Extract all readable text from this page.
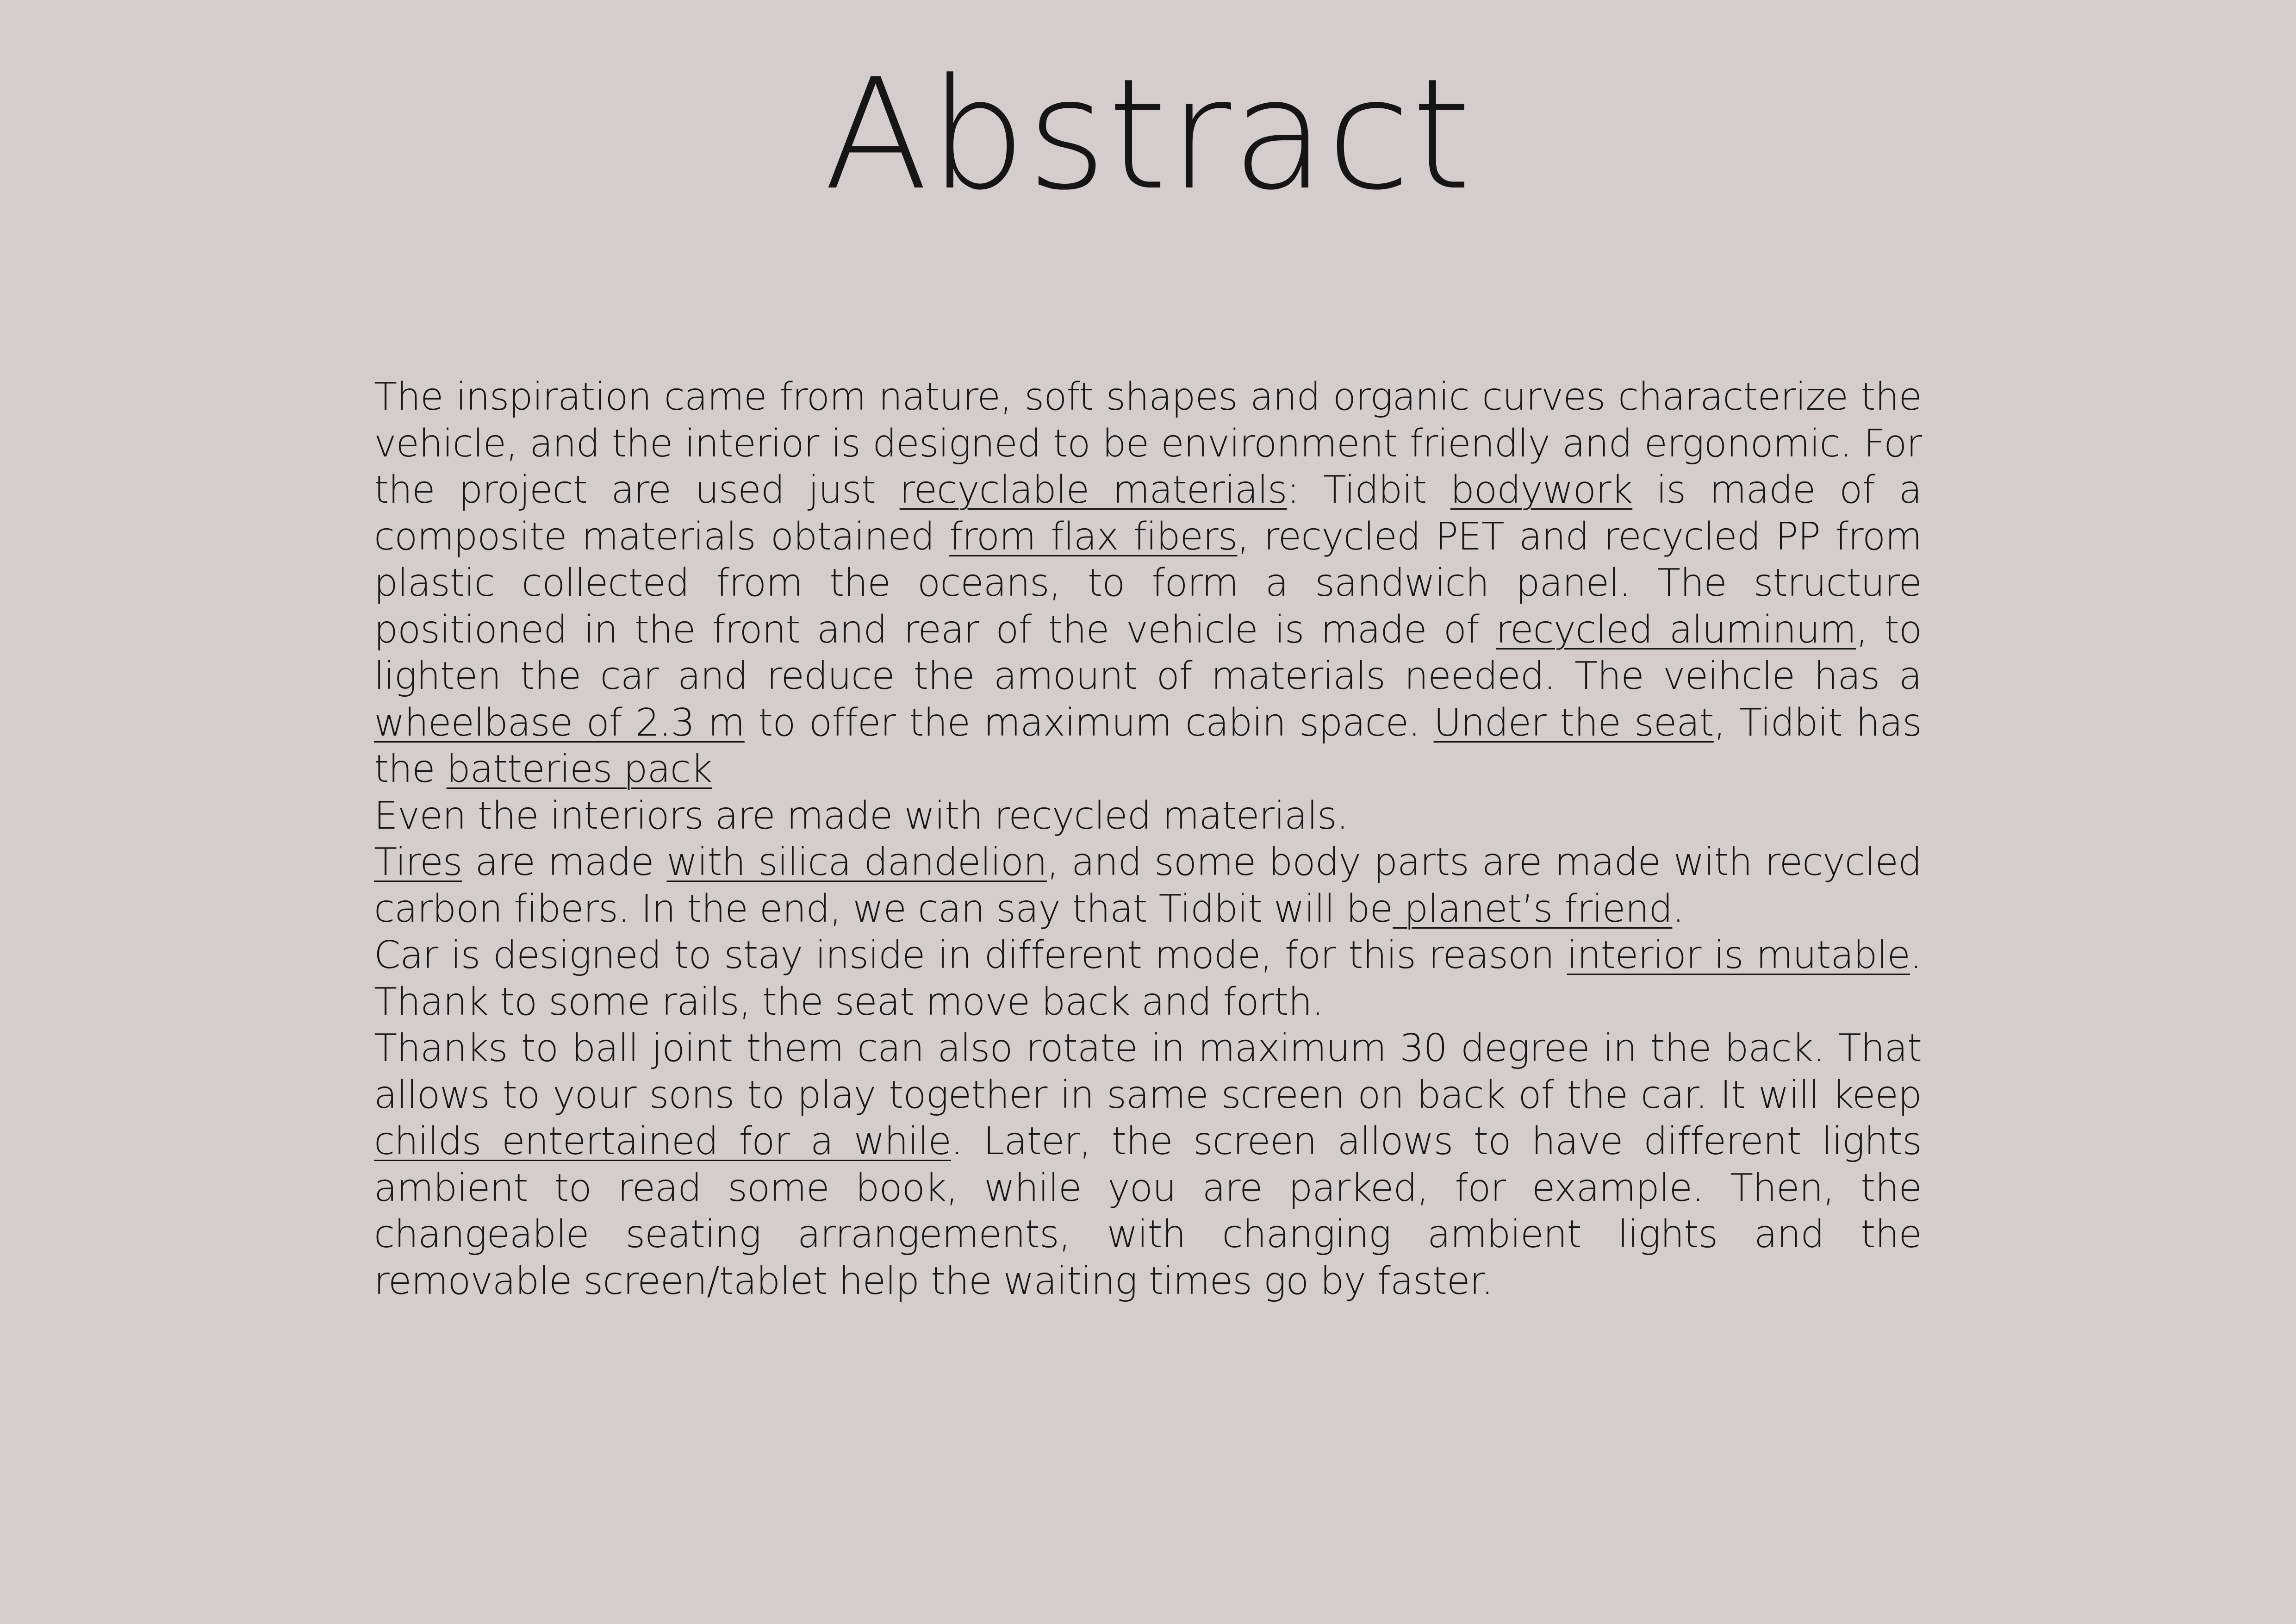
Abstract

The inspiration came from nature, soft shapes and organic curves characterize the vehicle, and the interior is designed to be environment friendly and ergonomic. For the project are used just recyclable materials: Tidbit bodywork is made of a composite materials obtained from flax fibers, recycled PET and recycled PP from plastic collected from the oceans, to form a sandwich panel. The structure positioned in the front and rear of the vehicle is made of recycled aluminum, to lighten the car and reduce the amount of materials needed. The veihcle has a wheelbase of 2.3 m to offer the maximum cabin space. Under the seat, Tidbit has the batteries pack

Even the interiors are made with recycled materials.

Tires are made with silica dandelion, and some body parts are made with recycled carbon fibers. In the end, we can say that Tidbit will be planet’s friend.

Car is designed to stay inside in different mode, for this reason interior is mutable. Thank to some rails, the seat move back and forth.

Thanks to ball joint them can also rotate in maximum 30 degree in the back. That allows to your sons to play together in same screen on back of the car. It will keep childs entertained for a while. Later, the screen allows to have different lights ambient to read some book, while you are parked, for example. Then, the changeable seating arrangements, with changing ambient lights and the removable screen/tablet help the waiting times go by faster.
